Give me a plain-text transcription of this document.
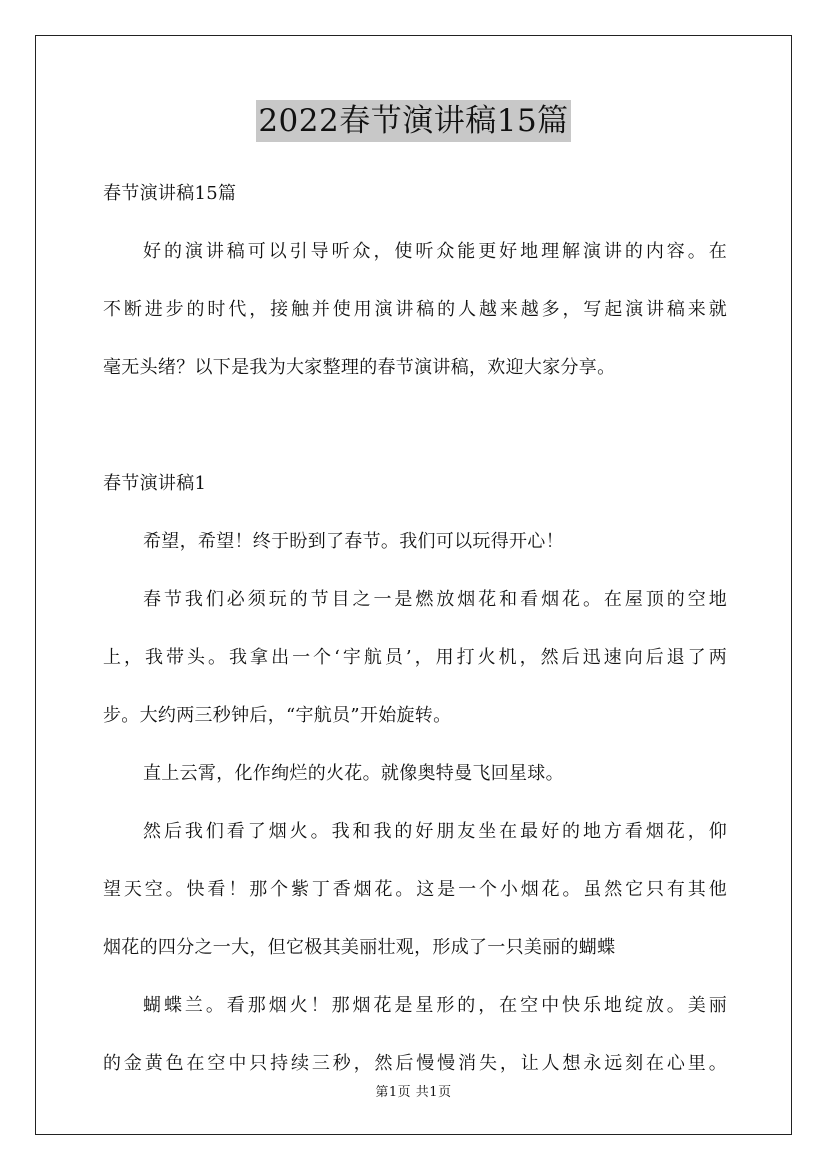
2022春节演讲稿15篇
春节演讲稿15篇
好的演讲稿可以引导听众，使听众能更好地理解演讲的内容。在
不断进步的时代，接触并使用演讲稿的人越来越多，写起演讲稿来就
毫无头绪？以下是我为大家整理的春节演讲稿，欢迎大家分享。
春节演讲稿1
希望，希望！终于盼到了春节。我们可以玩得开心！
春节我们必须玩的节目之一是燃放烟花和看烟花。在屋顶的空地
上，我带头。我拿出一个‘宇航员’，用打火机，然后迅速向后退了两
步。大约两三秒钟后，“宇航员”开始旋转。
直上云霄，化作绚烂的火花。就像奥特曼飞回星球。
然后我们看了烟火。我和我的好朋友坐在最好的地方看烟花，仰
望天空。快看！那个紫丁香烟花。这是一个小烟花。虽然它只有其他
烟花的四分之一大，但它极其美丽壮观，形成了一只美丽的蝴蝶
蝴蝶兰。看那烟火！那烟花是星形的，在空中快乐地绽放。美丽
的金黄色在空中只持续三秒，然后慢慢消失，让人想永远刻在心里。
第1页 共1页
